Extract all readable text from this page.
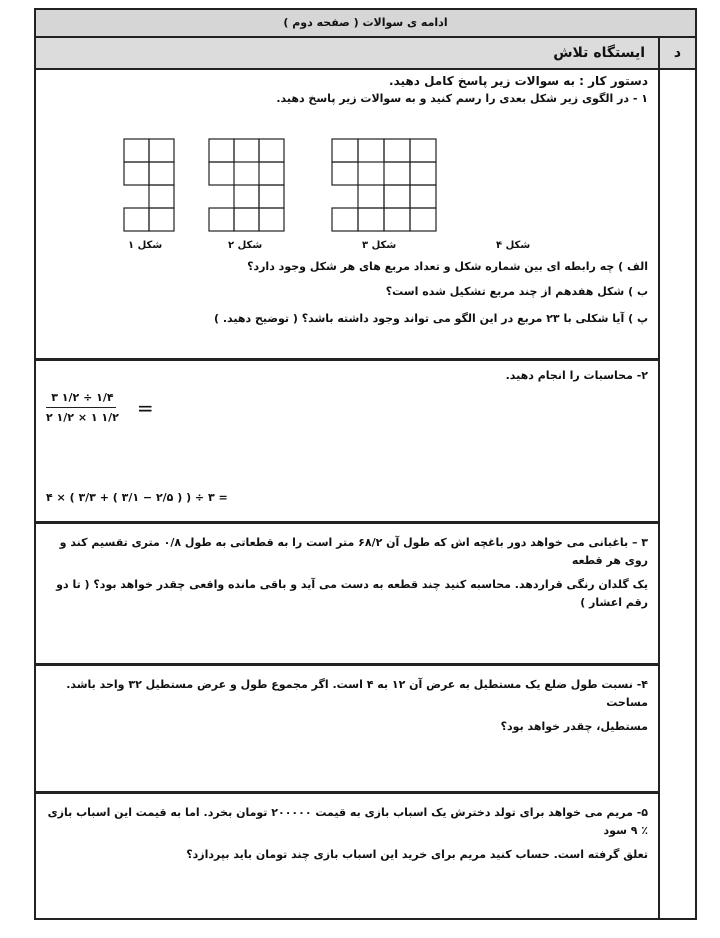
ادامه ی سوالات ( صفحه دوم )
د
ایستگاه تلاش
دستور کار : به سوالات زیر پاسخ کامل دهید.
۱ - در الگوی زیر شکل بعدی را رسم کنید و به سوالات زیر پاسخ دهید.
شکل ۱	شکل ۲	شکل ۳	شکل ۴
الف ) چه رابطه ای بین شماره شکل و تعداد مربع های هر شکل وجود دارد؟
ب ) شکل هفدهم از چند مربع تشکیل شده است؟
پ ) آیا شکلی با ۲۳ مربع در این الگو می تواند وجود داشته باشد؟ ( توضیح دهید. )
۲- محاسبات را انجام دهید.
۳ ۱/۲ ÷ ۱/۴
۲ ۱/۲ × ۱ ۱/۲ =
۴ × ( ۳/۳ + ( ۳/۱ − ۲/۵ ) ) ÷ ۳ =
۳ – باغبانی می خواهد دور باغچه اش که طول آن ۶۸/۲ متر است را به قطعاتی به طول ۰/۸ متری تقسیم کند و روی هر قطعه
یک گلدان رنگی قراردهد. محاسبه کنید چند قطعه به دست می آید و باقی مانده واقعی چقدر خواهد بود؟ ( تا دو رقم اعشار )
۴- نسبت طول ضلع یک مستطیل به عرض آن ۱۲ به ۴ است. اگر مجموع طول و عرض مستطیل ۳۲ واحد باشد. مساحت
مستطیل، چقدر خواهد بود؟
۵- مریم می خواهد برای تولد دخترش یک اسباب بازی به قیمت ۲۰۰۰۰۰ تومان بخرد. اما به قیمت این اسباب بازی ٪ ۹ سود
تعلق گرفته است. حساب کنید مریم برای خرید این اسباب بازی چند تومان باید بپردازد؟
